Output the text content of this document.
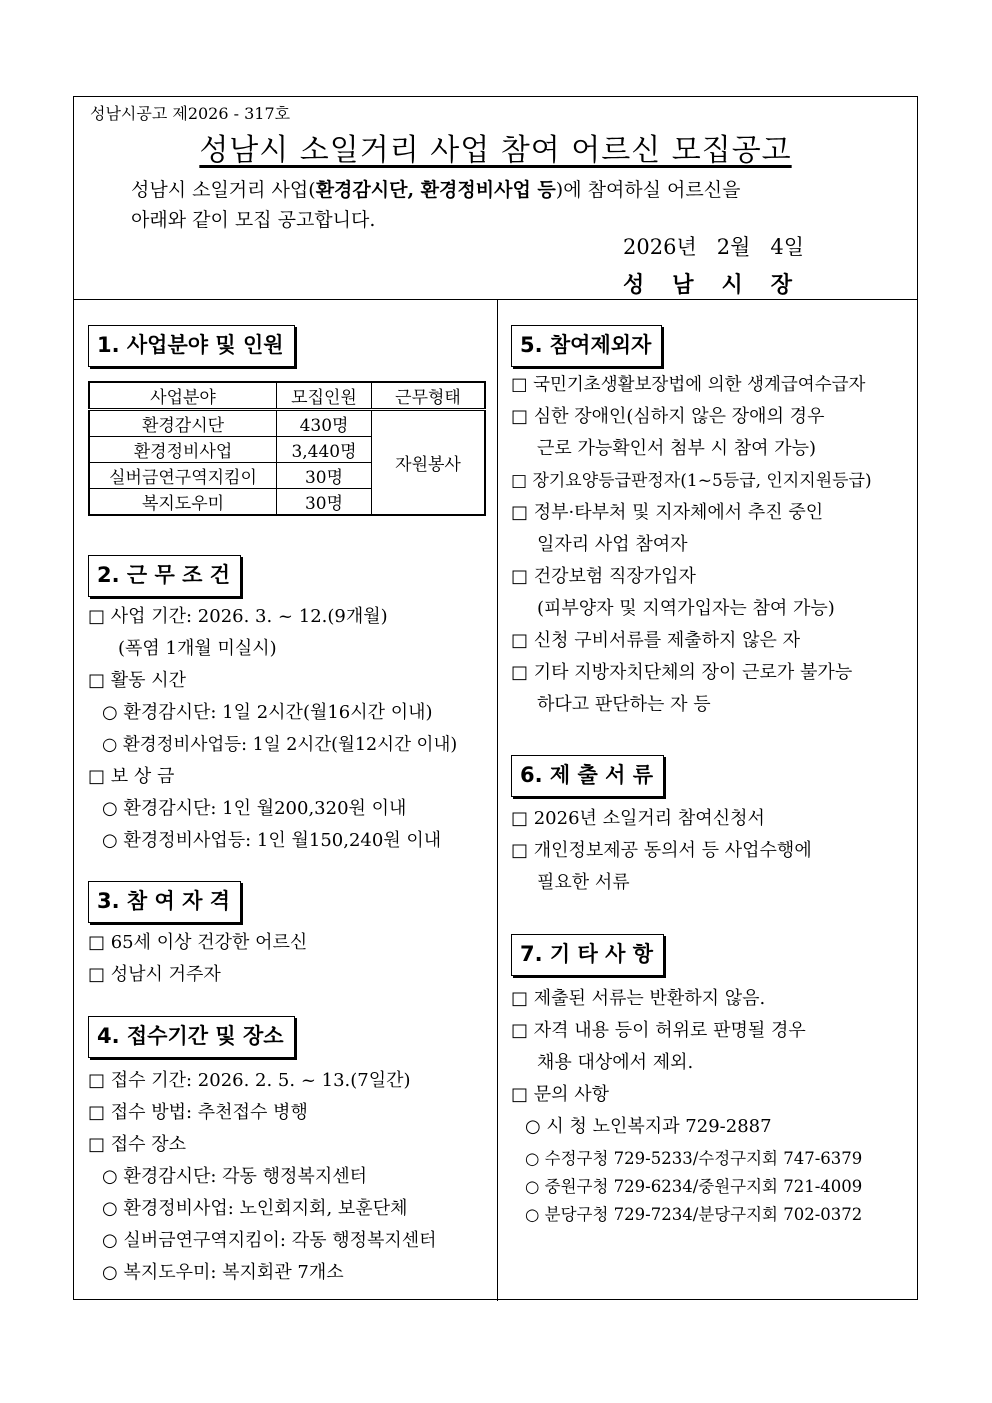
성남시공고 제2026 - 317호
성남시 소일거리 사업 참여 어르신 모집공고
성남시 소일거리 사업(환경감시단, 환경정비사업 등)에 참여하실 어르신을
아래와 같이 모집 공고합니다.
2026년   2월   4일
성남시장
1. 사업분야 및 인원
사업분야	모집인원	근무형태
환경감시단	430명	자원봉사
환경정비사업	3,440명	
실버금연구역지킴이	30명	
복지도우미	30명	
2. 근 무 조 건
□ 사업 기간: 2026. 3. ~ 12.(9개월)
(폭염 1개월 미실시)
□ 활동 시간
○ 환경감시단: 1일 2시간(월16시간 이내)
○ 환경정비사업등: 1일 2시간(월12시간 이내)
□ 보 상 금
○ 환경감시단: 1인 월200,320원 이내
○ 환경정비사업등: 1인 월150,240원 이내
3. 참 여 자 격
□ 65세 이상 건강한 어르신
□ 성남시 거주자
4. 접수기간 및 장소
□ 접수 기간: 2026. 2. 5. ~ 13.(7일간)
□ 접수 방법: 추천접수 병행
□ 접수 장소
○ 환경감시단: 각동 행정복지센터
○ 환경정비사업: 노인회지회, 보훈단체
○ 실버금연구역지킴이: 각동 행정복지센터
○ 복지도우미: 복지회관 7개소
5. 참여제외자
□ 국민기초생활보장법에 의한 생계급여수급자
□ 심한 장애인(심하지 않은 장애의 경우
근로 가능확인서 첨부 시 참여 가능)
□ 장기요양등급판정자(1~5등급, 인지지원등급)
□ 정부·타부처 및 지자체에서 추진 중인
일자리 사업 참여자
□ 건강보험 직장가입자
(피부양자 및 지역가입자는 참여 가능)
□ 신청 구비서류를 제출하지 않은 자
□ 기타 지방자치단체의 장이 근로가 불가능
하다고 판단하는 자 등
6. 제 출 서 류
□ 2026년 소일거리 참여신청서
□ 개인정보제공 동의서 등 사업수행에
필요한 서류
7. 기 타 사 항
□ 제출된 서류는 반환하지 않음.
□ 자격 내용 등이 허위로 판명될 경우
채용 대상에서 제외.
□ 문의 사항
○ 시 청 노인복지과 729-2887
○ 수정구청 729-5233/수정구지회 747-6379
○ 중원구청 729-6234/중원구지회 721-4009
○ 분당구청 729-7234/분당구지회 702-0372
